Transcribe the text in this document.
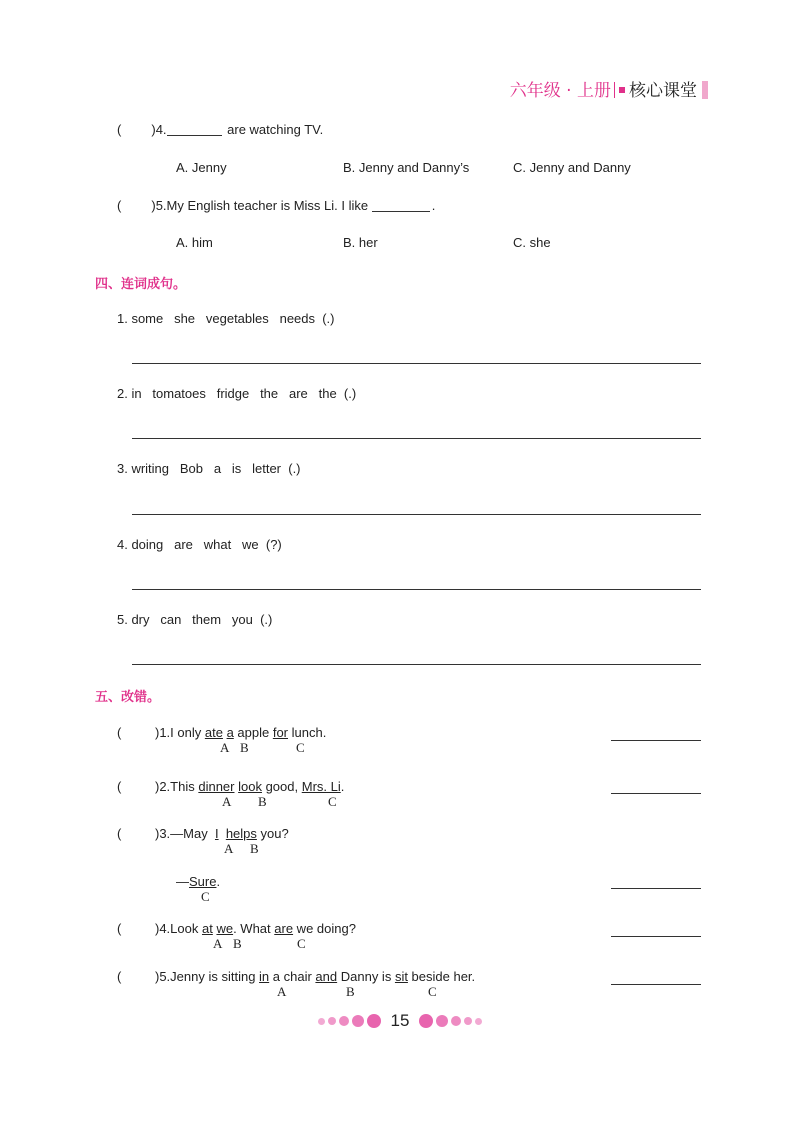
六年级 · 上册 核心课堂
( )4.	are watching TV.
A. Jenny	B. Jenny and Danny’s	C. Jenny and Danny
( )5.My English teacher is Miss Li. I like	.
A. him	B. her	C. she
四、连词成句。
1. some   she   vegetables   needs  (.)
2. in   tomatoes   fridge   the   are   the  (.)
3. writing   Bob   a   is   letter  (.)
4. doing   are   what   we  (?)
5. dry   can   them   you  (.)
五、改错。
(	)1.I only ate a apple for lunch.
A B	C
(	)2.This dinner look good, Mrs. Li.
A B	C
(	)3.—May  I helps you?
A B
—Sure.
C
(	)4.Look at we. What are we doing?
A B	C
(	)5.Jenny is sitting in a chair and Danny is sit beside her.
A	B	C
15
